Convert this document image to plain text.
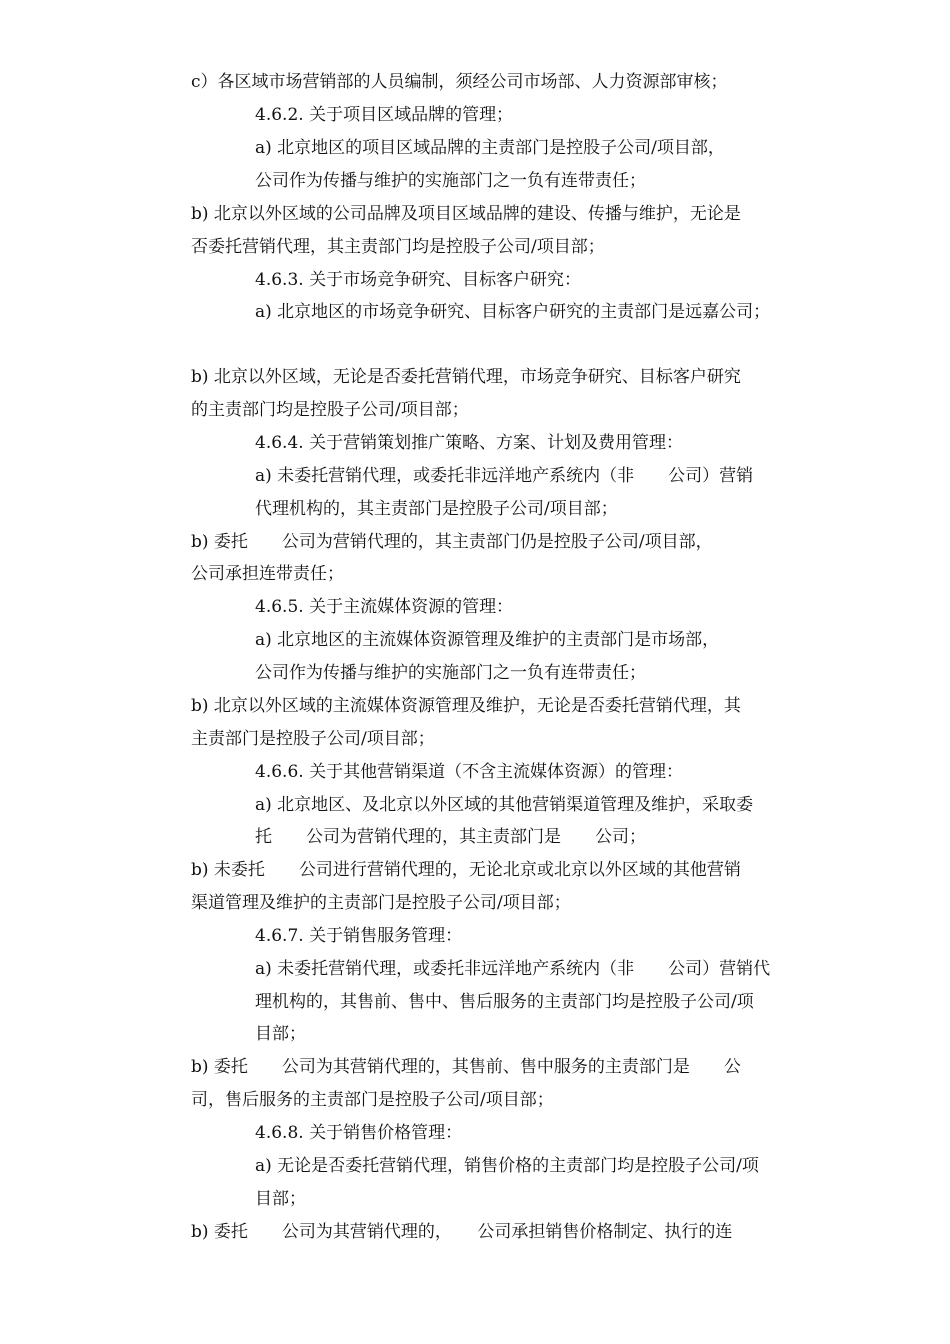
c）各区域市场营销部的人员编制，须经公司市场部、人力资源部审核；
4.6.2. 关于项目区域品牌的管理；
a) 北京地区的项目区域品牌的主责部门是控股子公司/项目部，
公司作为传播与维护的实施部门之一负有连带责任；
b) 北京以外区域的公司品牌及项目区域品牌的建设、传播与维护，无论是
否委托营销代理，其主责部门均是控股子公司/项目部；
4.6.3. 关于市场竞争研究、目标客户研究：
a) 北京地区的市场竞争研究、目标客户研究的主责部门是远嘉公司；
b) 北京以外区域，无论是否委托营销代理，市场竞争研究、目标客户研究
的主责部门均是控股子公司/项目部；
4.6.4. 关于营销策划推广策略、方案、计划及费用管理：
a) 未委托营销代理，或委托非远洋地产系统内（非　　公司）营销
代理机构的，其主责部门是控股子公司/项目部；
b) 委托　　公司为营销代理的，其主责部门仍是控股子公司/项目部，
公司承担连带责任；
4.6.5. 关于主流媒体资源的管理：
a) 北京地区的主流媒体资源管理及维护的主责部门是市场部，
公司作为传播与维护的实施部门之一负有连带责任；
b) 北京以外区域的主流媒体资源管理及维护，无论是否委托营销代理，其
主责部门是控股子公司/项目部；
4.6.6. 关于其他营销渠道（不含主流媒体资源）的管理：
a) 北京地区、及北京以外区域的其他营销渠道管理及维护，采取委
托　　公司为营销代理的，其主责部门是　　公司；
b) 未委托　　公司进行营销代理的，无论北京或北京以外区域的其他营销
渠道管理及维护的主责部门是控股子公司/项目部；
4.6.7. 关于销售服务管理：
a) 未委托营销代理，或委托非远洋地产系统内（非　　公司）营销代
理机构的，其售前、售中、售后服务的主责部门均是控股子公司/项
目部；
b) 委托　　公司为其营销代理的，其售前、售中服务的主责部门是　　公
司，售后服务的主责部门是控股子公司/项目部；
4.6.8. 关于销售价格管理：
a) 无论是否委托营销代理，销售价格的主责部门均是控股子公司/项
目部；
b) 委托　　公司为其营销代理的，　　公司承担销售价格制定、执行的连
